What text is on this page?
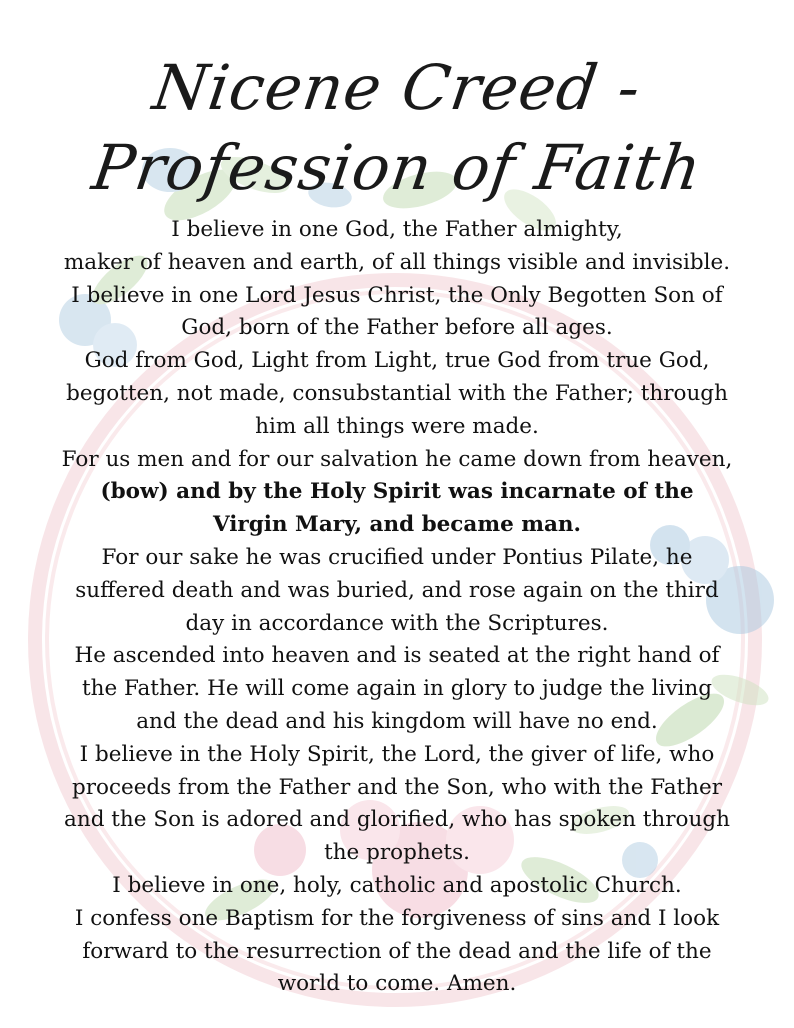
Nicene Creed -
Profession of Faith

I believe in one God, the Father almighty,

maker of heaven and earth, of all things visible and invisible.

I believe in one Lord Jesus Christ, the Only Begotten Son of God, born of the Father before all ages.

God from God, Light from Light, true God from true God, begotten, not made, consubstantial with the Father; through him all things were made.

For us men and for our salvation he came down from heaven, (bow) and by the Holy Spirit was incarnate of the Virgin Mary, and became man.

For our sake he was crucified under Pontius Pilate, he suffered death and was buried, and rose again on the third day in accordance with the Scriptures.

He ascended into heaven and is seated at the right hand of the Father. He will come again in glory to judge the living and the dead and his kingdom will have no end.

I believe in the Holy Spirit, the Lord, the giver of life, who proceeds from the Father and the Son, who with the Father and the Son is adored and glorified, who has spoken through the prophets.

I believe in one, holy, catholic and apostolic Church.

I confess one Baptism for the forgiveness of sins and I look forward to the resurrection of the dead and the life of the world to come. Amen.
